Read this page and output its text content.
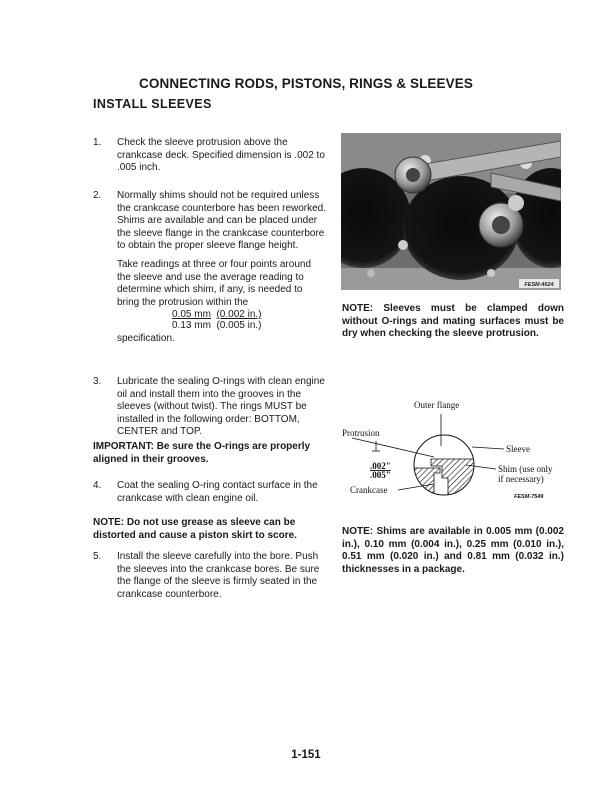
CONNECTING RODS, PISTONS, RINGS & SLEEVES
INSTALL SLEEVES
1.	Check the sleeve protrusion above the crankcase deck. Specified dimension is .002 to .005 inch.
2.	Normally shims should not be required unless the crankcase counterbore has been reworked. Shims are available and can be placed under the sleeve flange in the crankcase counterbore to obtain the proper sleeve flange height.
Take readings at three or four points around the sleeve and use the average reading to determine which shim, if any, is needed to bring the protrusion within the
0.05 mm (0.002 in.)
0.13 mm (0.005 in.)
specification.
3.	Lubricate the sealing O-rings with clean engine oil and install them into the grooves in the sleeves (without twist). The rings MUST be installed in the following order: BOTTOM, CENTER and TOP.
IMPORTANT: Be sure the O-rings are properly aligned in their grooves.
4.	Coat the sealing O-ring contact surface in the crankcase with clean engine oil.
NOTE: Do not use grease as sleeve can be distorted and cause a piston skirt to score.
5.	Install the sleeve carefully into the bore. Push the sleeves into the crankcase bores. Be sure the flange of the sleeve is firmly seated in the crankcase counterbore.
FESM-4624
NOTE: Sleeves must be clamped down without O-rings and mating surfaces must be dry when checking the sleeve protrusion.
Outer flange
Protrusion
.002"
.005"
Crankcase
Sleeve
Shim (use only
if necessary)
FESM-7549
NOTE: Shims are available in 0.005 mm (0.002 in.), 0.10 mm (0.004 in.), 0.25 mm (0.010 in.), 0.51 mm (0.020 in.) and 0.81 mm (0.032 in.) thicknesses in a package.
1-151
